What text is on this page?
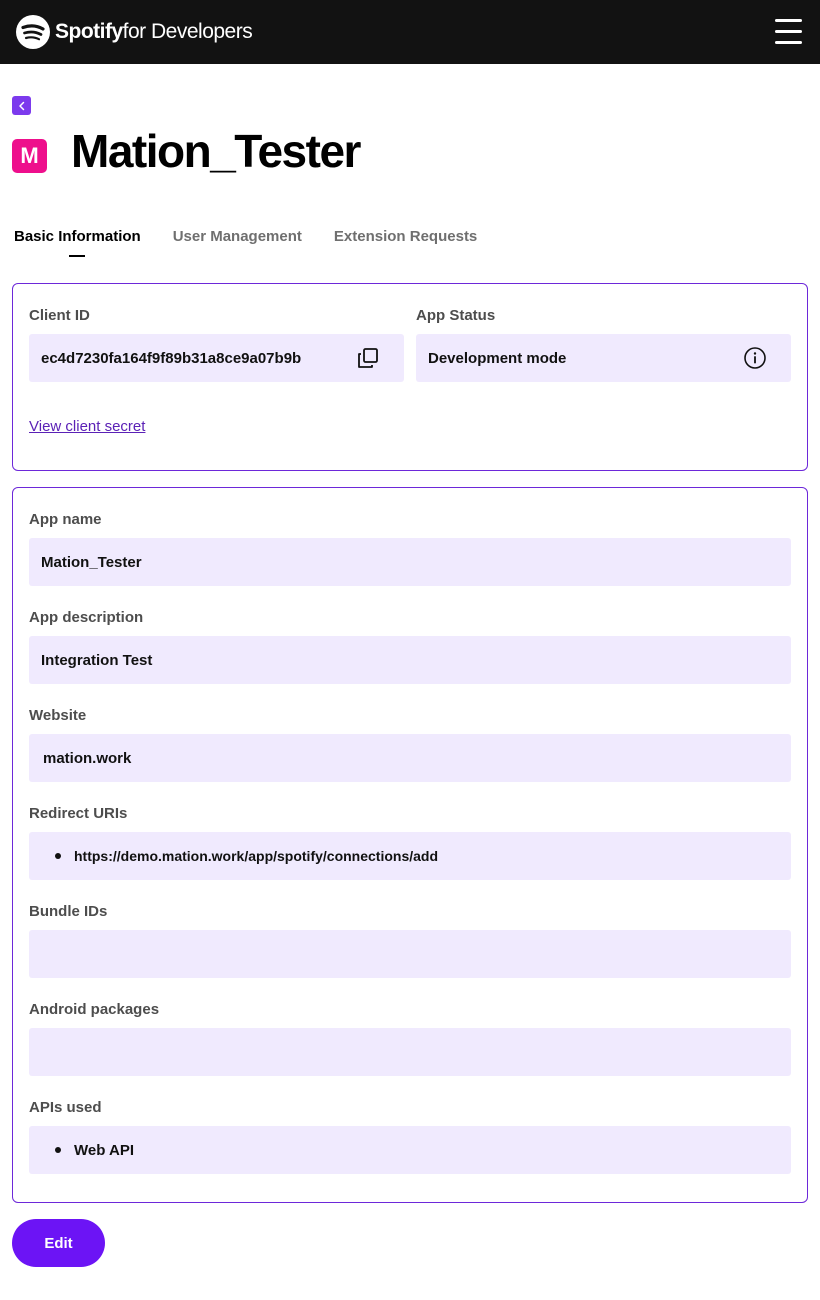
Spotifyfor Developers
M Mation_Tester
Basic Information User Management Extension Requests
Client ID
ec4d7230fa164f9f89b31a8ce9a07b9b
App Status
Development mode
View client secret
App name
Mation_Tester
App description
Integration Test
Website
mation.work
Redirect URIs
https://demo.mation.work/app/spotify/connections/add
Bundle IDs
Android packages
APIs used
Web API
Edit
